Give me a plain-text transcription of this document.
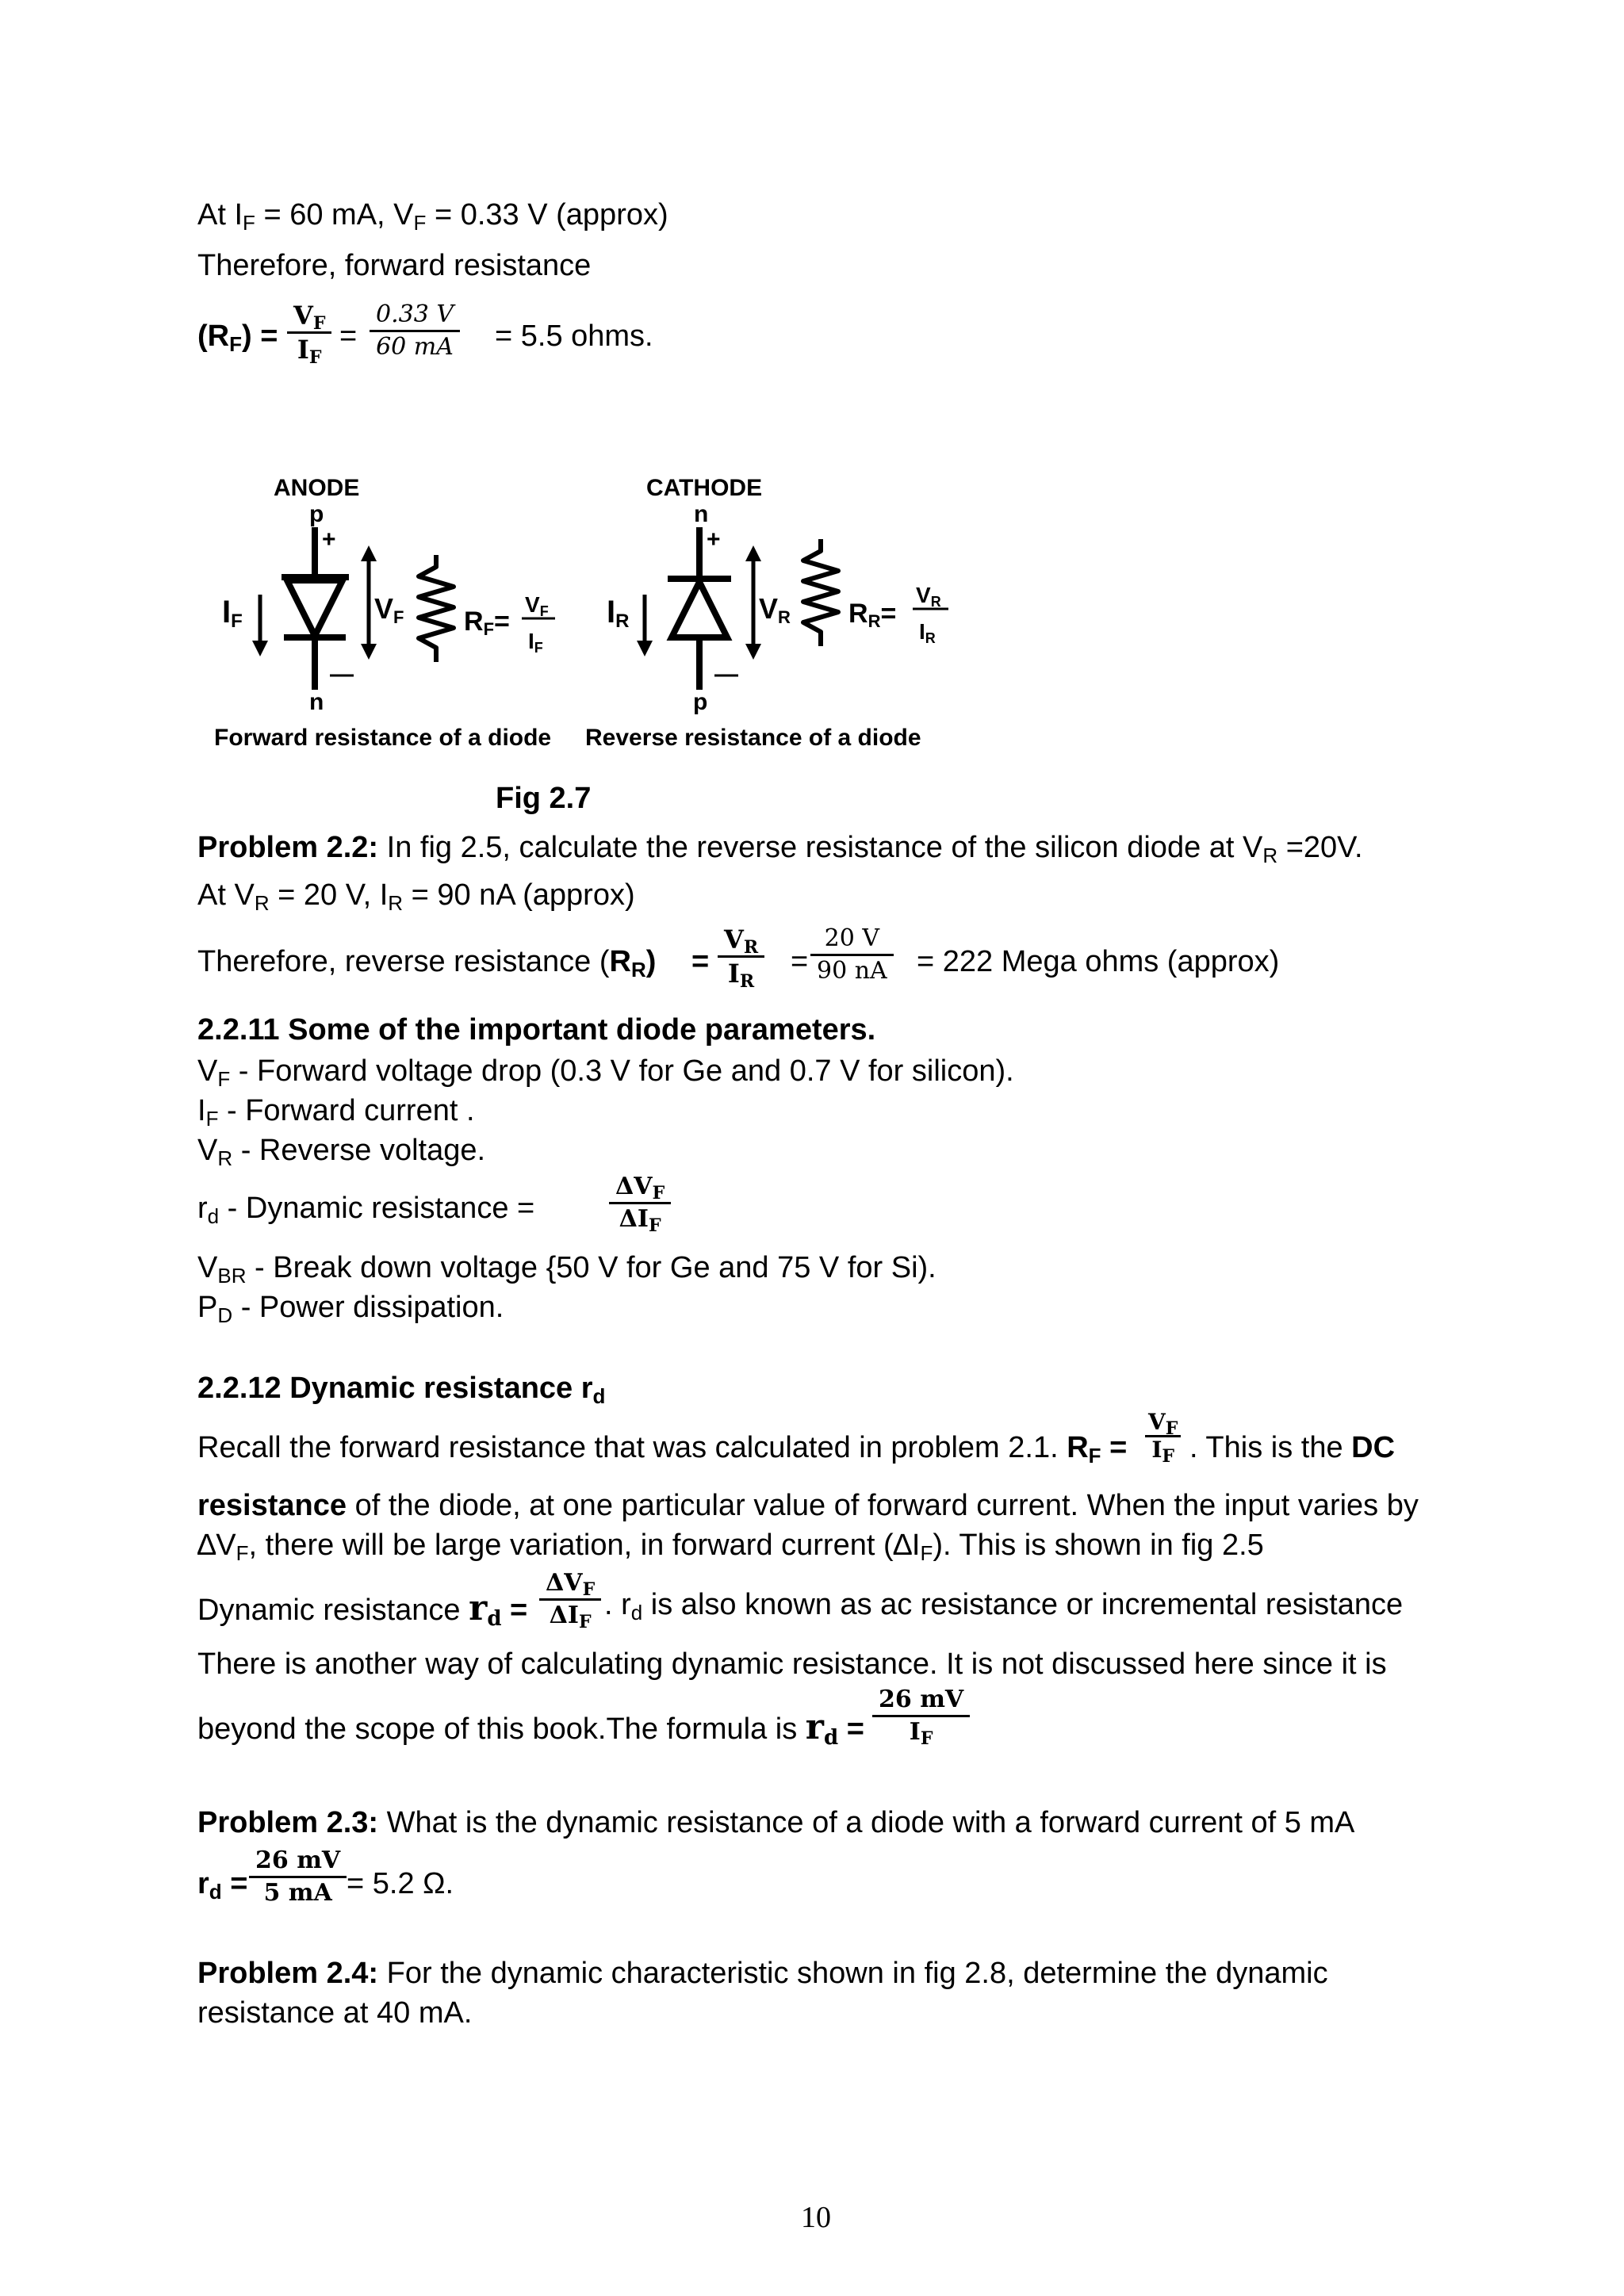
At $I_F = 60$ mA, $V_F = 0.33$ V (approx)
Therefore, forward resistance
$(R_F)$ =
$V_F$
$I_F$
=
0.33 V
60 mA = 5.5 ohms.
ANODE
p
+
n
—
IF	VF RF=
VF
IF
CATHODE
n
+
p
—
IR	VR RR=
VR
IR
Forward resistance of a diode Reverse resistance of a diode
Fig 2.7
Problem 2.2: In fig 2.5, calculate the reverse resistance of the silicon diode at $V_R =20V$.
At $V_R = 20$ V, $I_R = 90$ nA (approx)
Therefore, reverse resistance $(R_R)$ =
$V_R$
$I_R$
=
20 V
90 nA = 222 Mega ohms (approx)
2.2.11 Some of the important diode parameters.
$V_F$ - Forward voltage drop (0.3 V for Ge and 0.7 V for silicon).
$I_F$ - Forward current .
$V_R$ - Reverse voltage.
$r_d$ - Dynamic resistance =
$\Delta V_F$
$\Delta I_F$
$V_{BR}$ - Break down voltage {50 V for Ge and 75 V for Si).
$P_D$ - Power dissipation.
2.2.12 Dynamic resistance $r_d$
Recall the forward resistance that was calculated in problem 2.1. $R_F$ =
$V_F$
$I_F$ . This is the DC
resistance of the diode, at one particular value of forward current. When the input varies by
$\Delta V_F$, there will be large variation, in forward current $(\Delta I_F)$. This is shown in fig 2.5
Dynamic resistance $r_d$ =
$\Delta V_F$
$\Delta I_F$
. $r_d$ is also known as ac resistance or incremental resistance
There is another way of calculating dynamic resistance. It is not discussed here since it is
beyond the scope of this book.The formula is $r_d$ =
26 mV
$I_F$
Problem 2.3: What is the dynamic resistance of a diode with a forward current of 5 mA
$r_d$ =
26 mV
5 mA = 5.2 Ω.
Problem 2.4: For the dynamic characteristic shown in fig 2.8, determine the dynamic
resistance at 40 mA.
10
